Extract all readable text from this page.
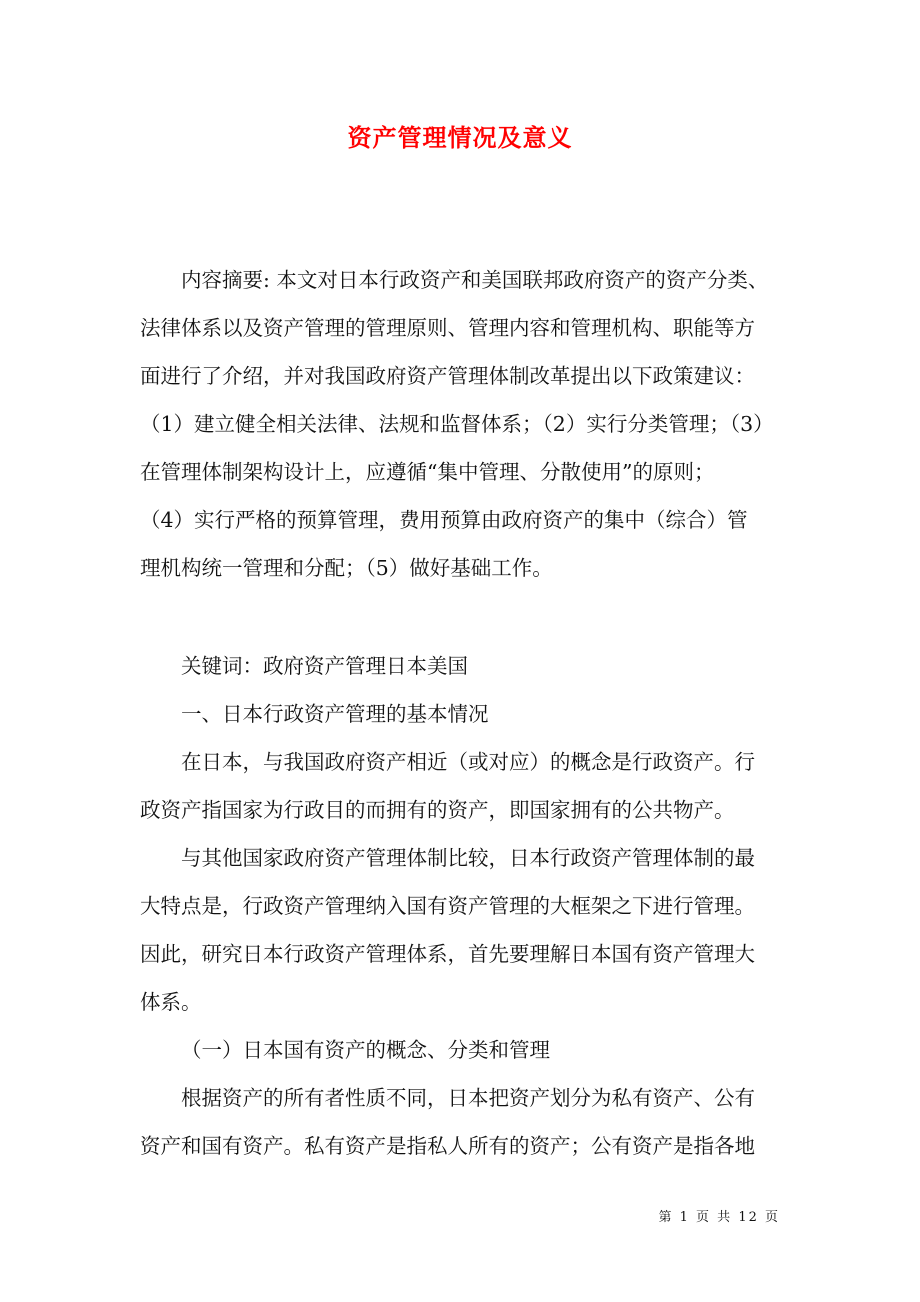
资产管理情况及意义
内容摘要: 本文对日本行政资产和美国联邦政府资产的资产分类、
法律体系以及资产管理的管理原则、管理内容和管理机构、职能等方
面进行了介绍，并对我国政府资产管理体制改革提出以下政策建议：
（1）建立健全相关法律、法规和监督体系；（2）实行分类管理；（3）
在管理体制架构设计上，应遵循“集中管理、分散使用”的原则；
（4）实行严格的预算管理，费用预算由政府资产的集中（综合）管
理机构统一管理和分配；（5）做好基础工作。
关键词：政府资产管理日本美国
一、日本行政资产管理的基本情况
在日本，与我国政府资产相近（或对应）的概念是行政资产。行
政资产指国家为行政目的而拥有的资产，即国家拥有的公共物产。
与其他国家政府资产管理体制比较，日本行政资产管理体制的最
大特点是，行政资产管理纳入国有资产管理的大框架之下进行管理。
因此，研究日本行政资产管理体系，首先要理解日本国有资产管理大
体系。
（一）日本国有资产的概念、分类和管理
根据资产的所有者性质不同，日本把资产划分为私有资产、公有
资产和国有资产。私有资产是指私人所有的资产；公有资产是指各地
第 1 页 共 12 页
